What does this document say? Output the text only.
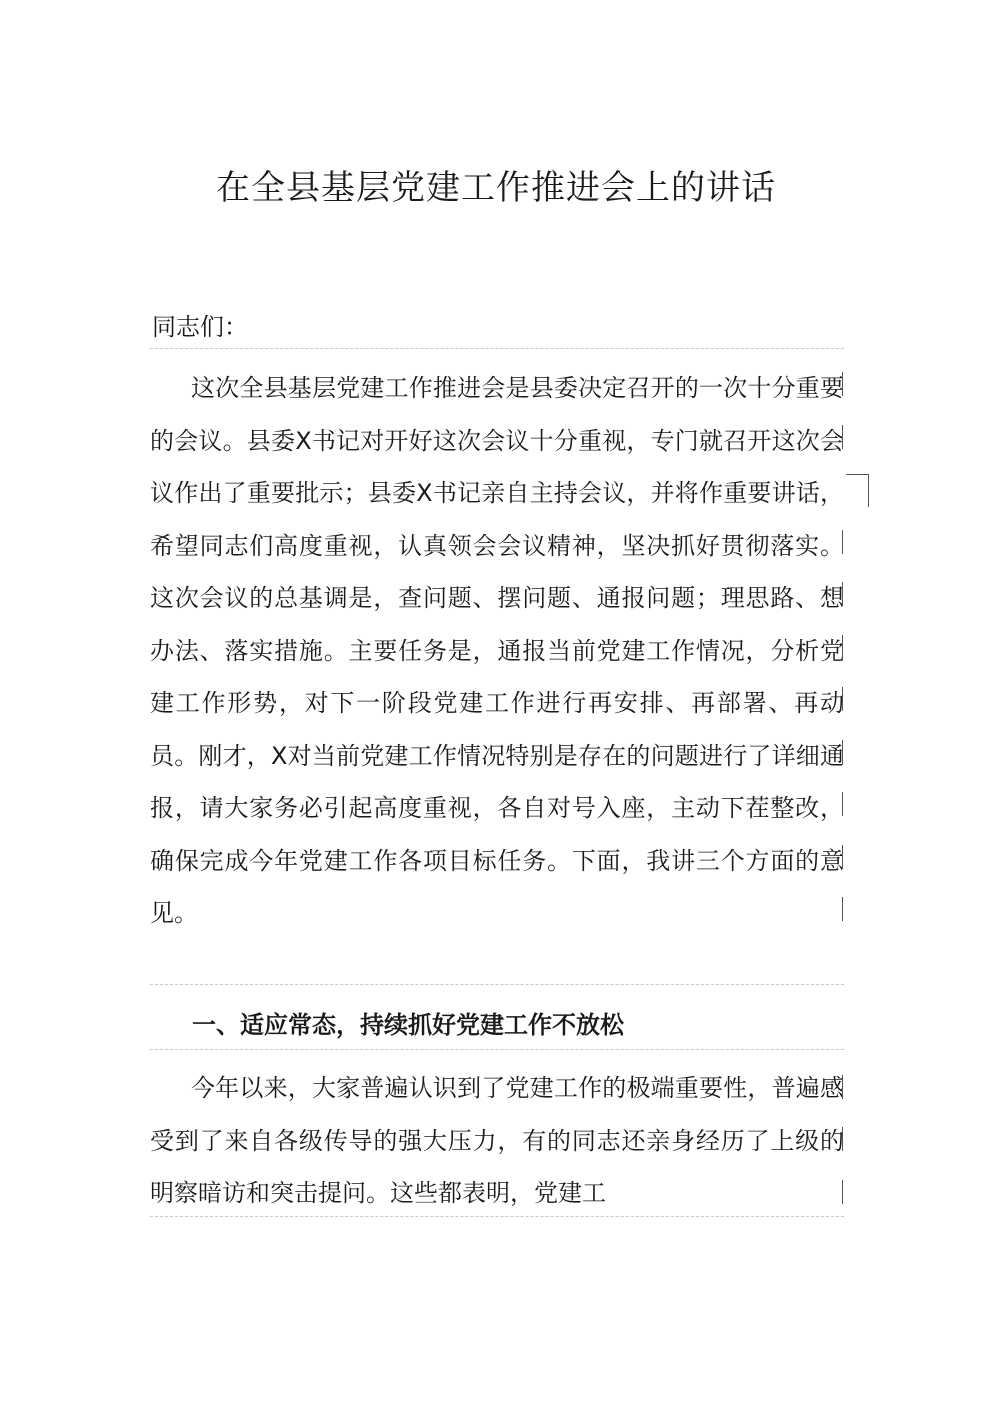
在全县基层党建工作推进会上的讲话
同志们：

这次全县基层党建工作推进会是县委决定召开的一次十分重要的会议。县委X书记对开好这次会议十分重视，专门就召开这次会议作出了重要批示；县委X书记亲自主持会议，并将作重要讲话，希望同志们高度重视，认真领会会议精神，坚决抓好贯彻落实。这次会议的总基调是，查问题、摆问题、通报问题；理思路、想办法、落实措施。主要任务是，通报当前党建工作情况，分析党建工作形势，对下一阶段党建工作进行再安排、再部署、再动员。刚才，X对当前党建工作情况特别是存在的问题进行了详细通报，请大家务必引起高度重视，各自对号入座，主动下茬整改，确保完成今年党建工作各项目标任务。下面，我讲三个方面的意见。

一、适应常态，持续抓好党建工作不放松

今年以来，大家普遍认识到了党建工作的极端重要性，普遍感受到了来自各级传导的强大压力，有的同志还亲身经历了上级的明察暗访和突击提问。这些都表明，党建工
